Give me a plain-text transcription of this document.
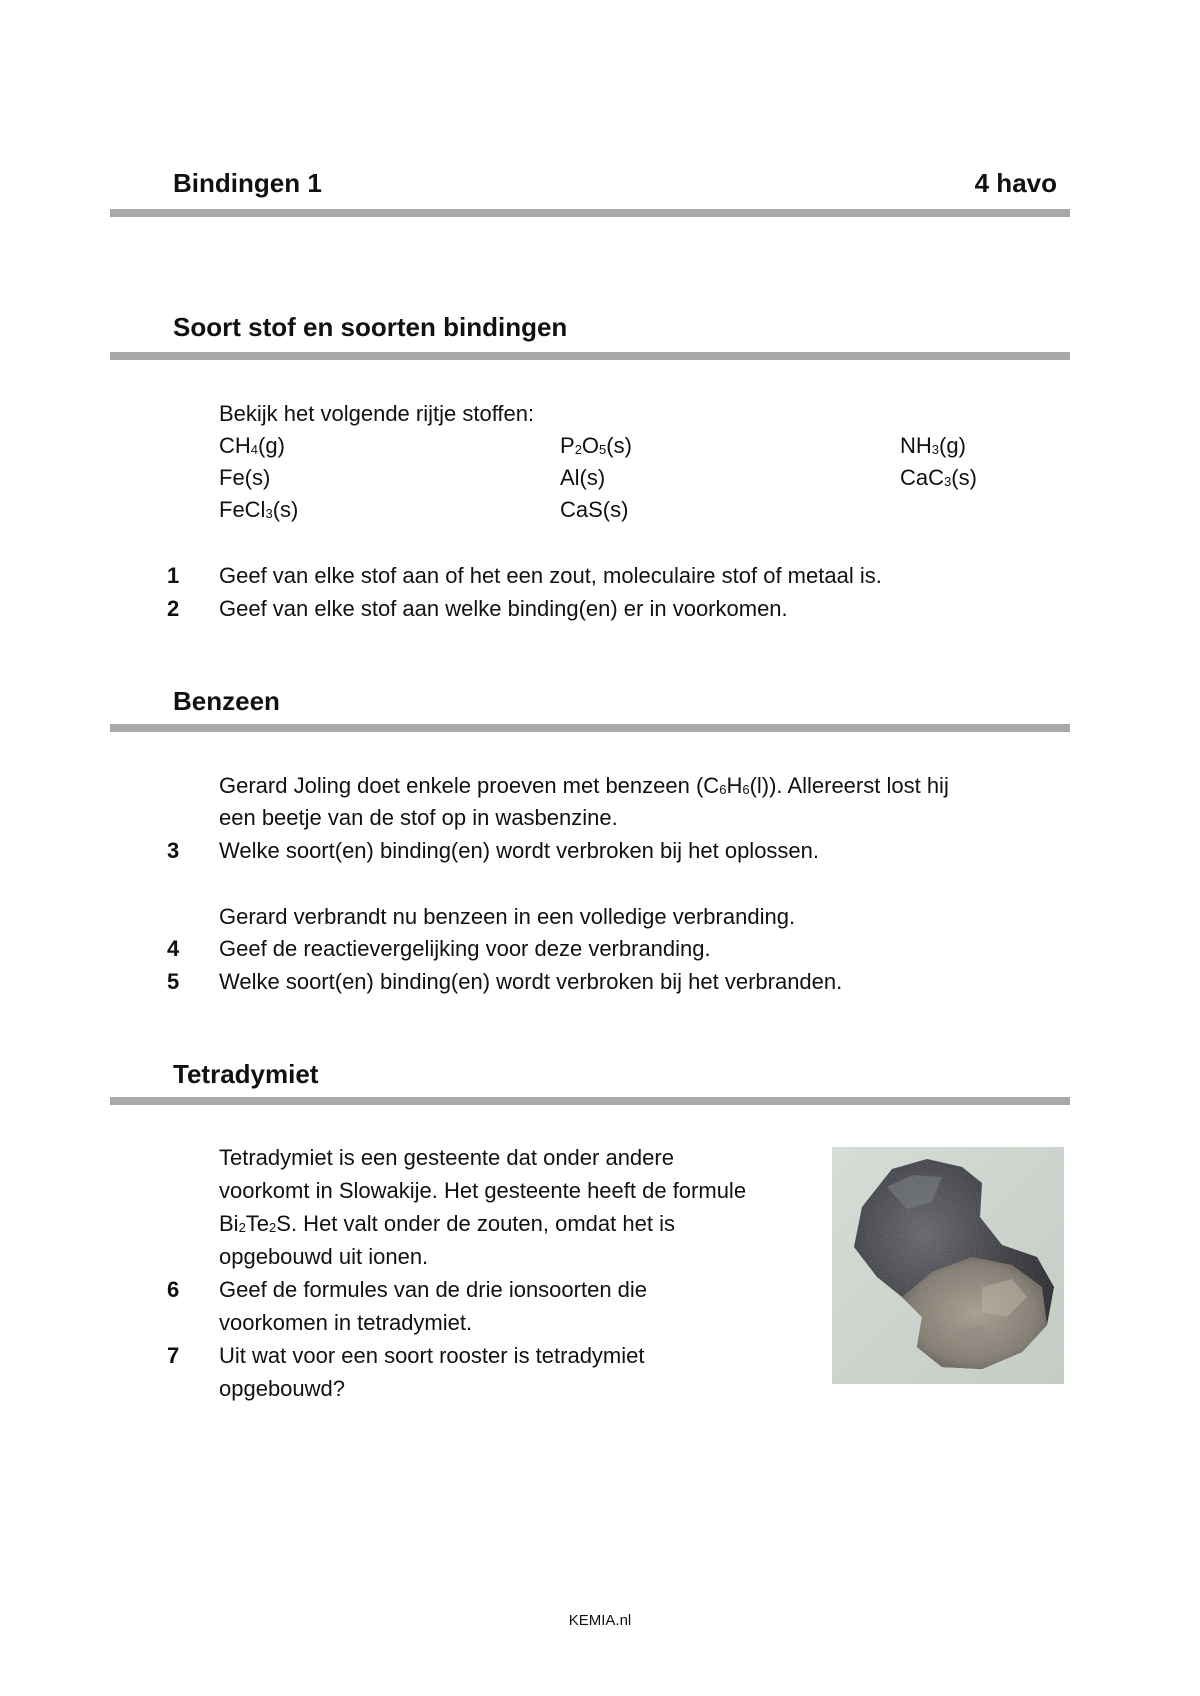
Bindingen 1	4 havo
Soort stof en soorten bindingen
Bekijk het volgende rijtje stoffen:
$CH_4(g)$	$P_2O_5(s)$	$NH_3(g)$
Fe(s)	Al(s)	CaC$_3$(s)
FeCl$_3$(s)	CaS(s)
1 Geef van elke stof aan of het een zout, moleculaire stof of metaal is.
2 Geef van elke stof aan welke binding(en) er in voorkomen.
Benzeen
Gerard Joling doet enkele proeven met benzeen $(C_6H_6(l))$. Allereerst lost hij
een beetje van de stof op in wasbenzine.
3 Welke soort(en) binding(en) wordt verbroken bij het oplossen.
Gerard verbrandt nu benzeen in een volledige verbranding.
4 Geef de reactievergelijking voor deze verbranding.
5 Welke soort(en) binding(en) wordt verbroken bij het verbranden.
Tetradymiet
Tetradymiet is een gesteente dat onder andere
voorkomt in Slowakije. Het gesteente heeft de formule
$Bi_2Te_2S$. Het valt onder de zouten, omdat het is
opgebouwd uit ionen.
6 Geef de formules van de drie ionsoorten die
voorkomen in tetradymiet.
7 Uit wat voor een soort rooster is tetradymiet
opgebouwd?
KEMIA.nl
